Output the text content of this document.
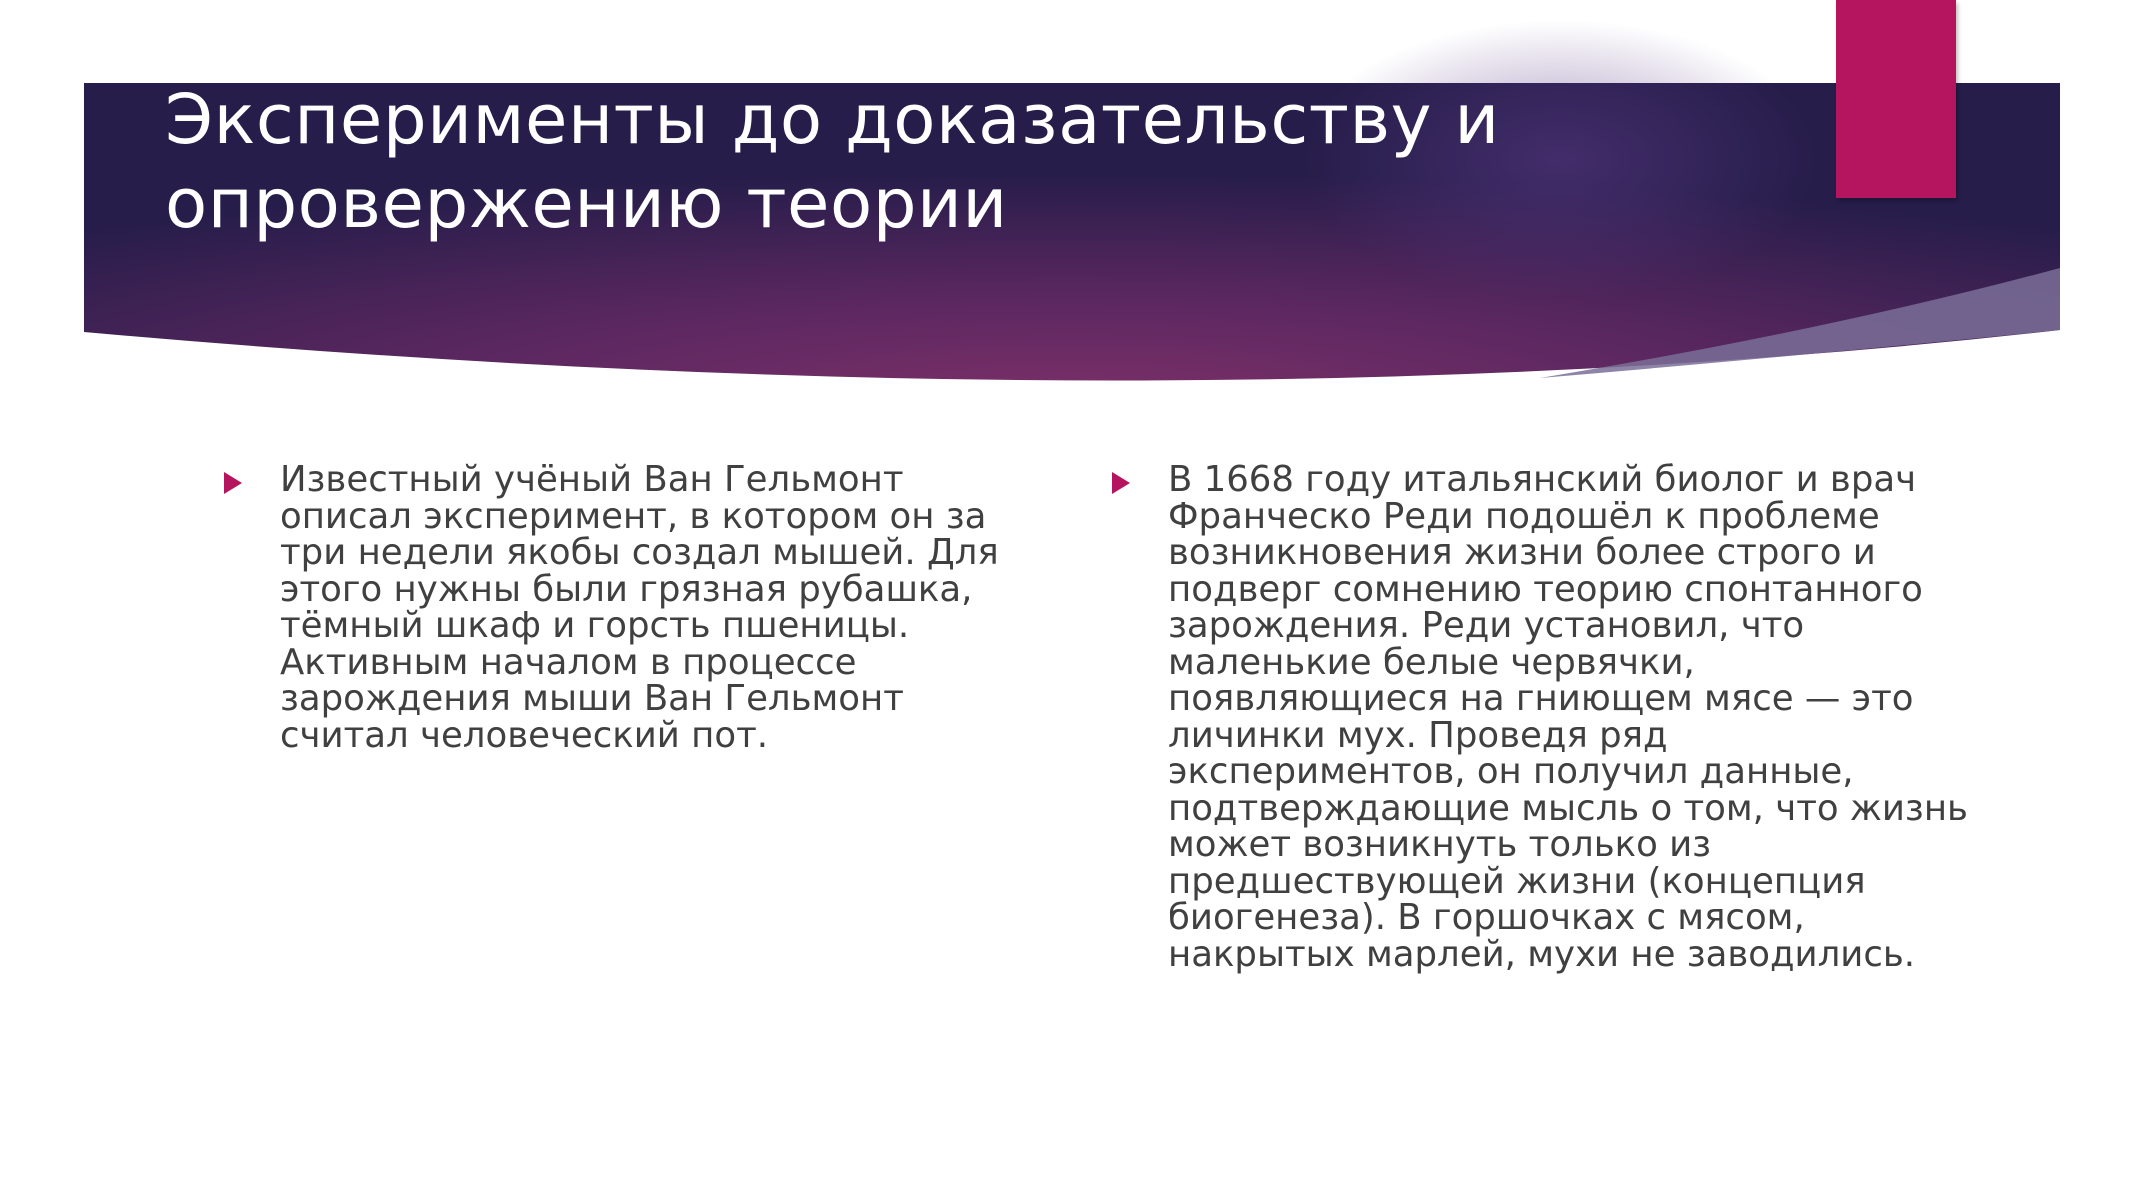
Эксперименты до доказательству и опровержению теории
Известный учёный Ван Гельмонт описал эксперимент, в котором он за три недели якобы создал мышей. Для этого нужны были грязная рубашка, тёмный шкаф и горсть пшеницы. Активным началом в процессе зарождения мыши Ван Гельмонт считал человеческий пот.
В 1668 году итальянский биолог и врач Франческо Реди подошёл к проблеме возникновения жизни более строго и подверг сомнению теорию спонтанного зарождения. Реди установил, что маленькие белые червячки, появляющиеся на гниющем мясе — это личинки мух. Проведя ряд экспериментов, он получил данные, подтверждающие мысль о том, что жизнь может возникнуть только из предшествующей жизни (концепция биогенеза). В горшочках с мясом, накрытых марлей, мухи не заводились.
